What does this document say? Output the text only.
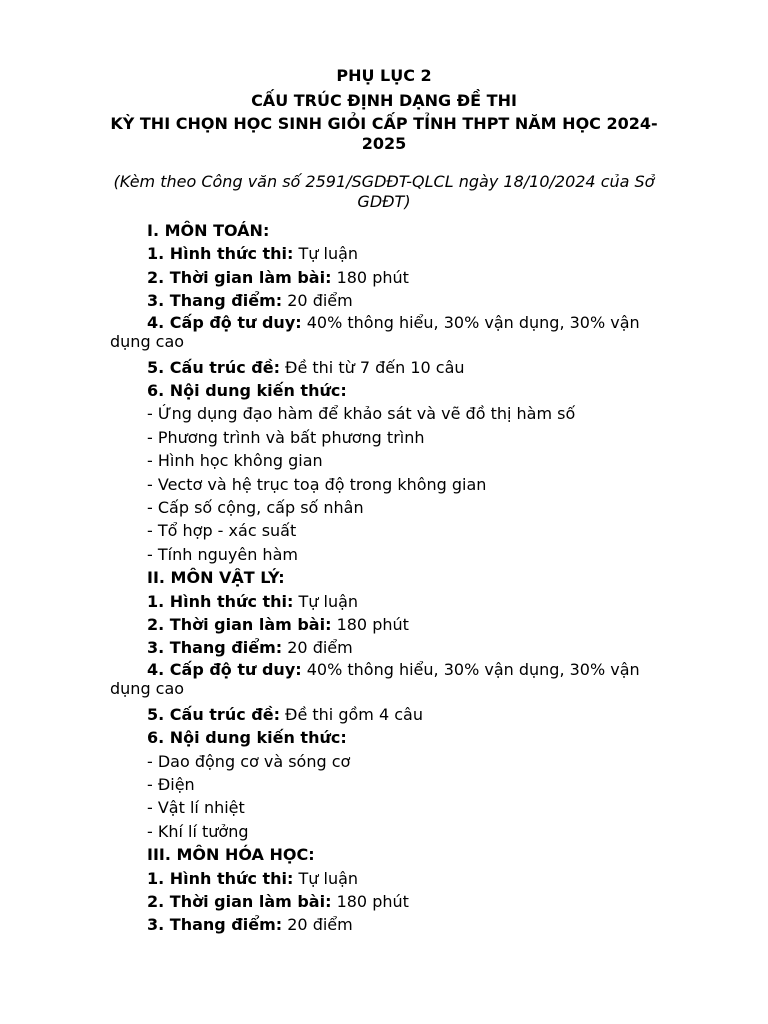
PHỤ LỤC 2

CẤU TRÚC ĐỊNH DẠNG ĐỀ THI

KỲ THI CHỌN HỌC SINH GIỎI CẤP TỈNH THPT NĂM HỌC 2024-2025

(Kèm theo Công văn số 2591/SGDĐT-QLCL ngày 18/10/2024 của Sở GDĐT)

I. MÔN TOÁN:

1. Hình thức thi: Tự luận

2. Thời gian làm bài: 180 phút

3. Thang điểm: 20 điểm

4. Cấp độ tư duy: 40% thông hiểu, 30% vận dụng, 30% vận dụng cao

5. Cấu trúc đề: Đề thi từ 7 đến 10 câu

6. Nội dung kiến thức:

- Ứng dụng đạo hàm để khảo sát và vẽ đồ thị hàm số

- Phương trình và bất phương trình

- Hình học không gian

- Vectơ và hệ trục toạ độ trong không gian

- Cấp số cộng, cấp số nhân

- Tổ hợp - xác suất

- Tính nguyên hàm

II. MÔN VẬT LÝ:

1. Hình thức thi: Tự luận

2. Thời gian làm bài: 180 phút

3. Thang điểm: 20 điểm

4. Cấp độ tư duy: 40% thông hiểu, 30% vận dụng, 30% vận dụng cao

5. Cấu trúc đề: Đề thi gồm 4 câu

6. Nội dung kiến thức:

- Dao động cơ và sóng cơ

- Điện

- Vật lí nhiệt

- Khí lí tưởng

III. MÔN HÓA HỌC:

1. Hình thức thi: Tự luận

2. Thời gian làm bài: 180 phút

3. Thang điểm: 20 điểm
